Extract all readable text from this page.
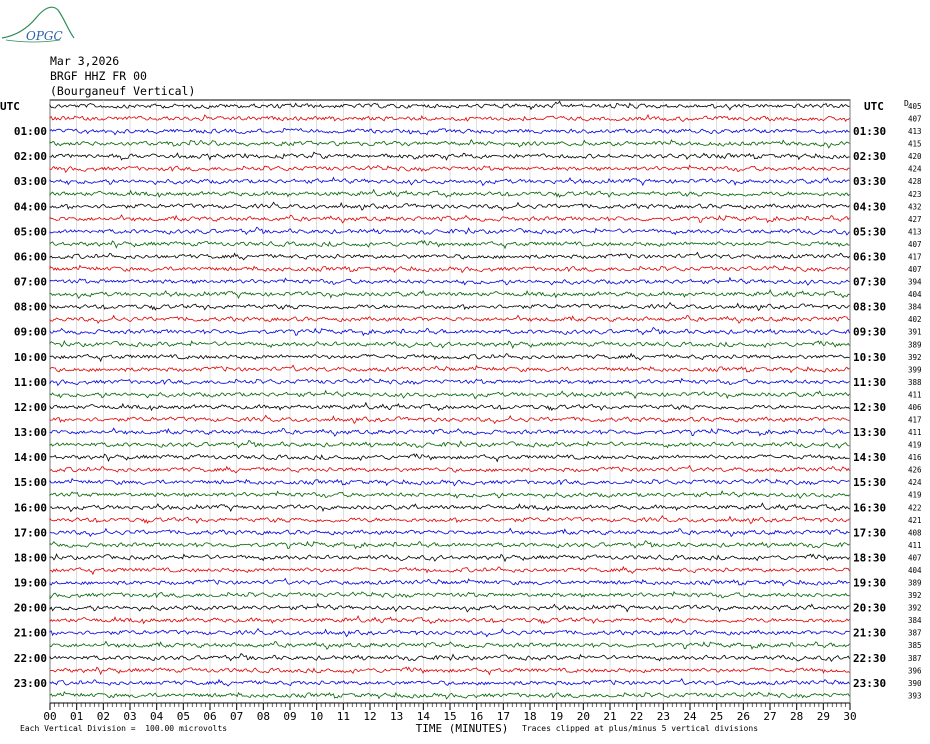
OPGC
Mar 3,2026
BRGF HHZ FR 00
(Bourganeuf Vertical)
00 01 02 03 04 05 06 07 08 09 10 11 12 13 14 15 16 17 18 19 20 21 22 23 24 25 26 27 28 29 30
UTC	UTC	D
01:00
02:00
03:00
04:00
05:00
06:00
07:00
08:00
09:00
10:00
11:00
12:00
13:00
14:00
15:00
16:00
17:00
18:00
19:00
20:00
21:00
22:00
23:00
01:30
02:30
03:30
04:30
05:30
06:30
07:30
08:30
09:30
10:30
11:30
12:30
13:30
14:30
15:30
16:30
17:30
18:30
19:30
20:30
21:30
22:30
23:30
405
407
413
415
420
424
428
423
432
427
413
407
417
407
394
404
384
402
391
389
392
399
388
411
406
417
411
419
416
426
424
419
422
421
408
411
407
404
389
392
392
384
387
385
387
396
390
393
TIME (MINUTES)
Each Vertical Division =  100.00 microvolts	Traces clipped at plus/minus 5 vertical divisions
